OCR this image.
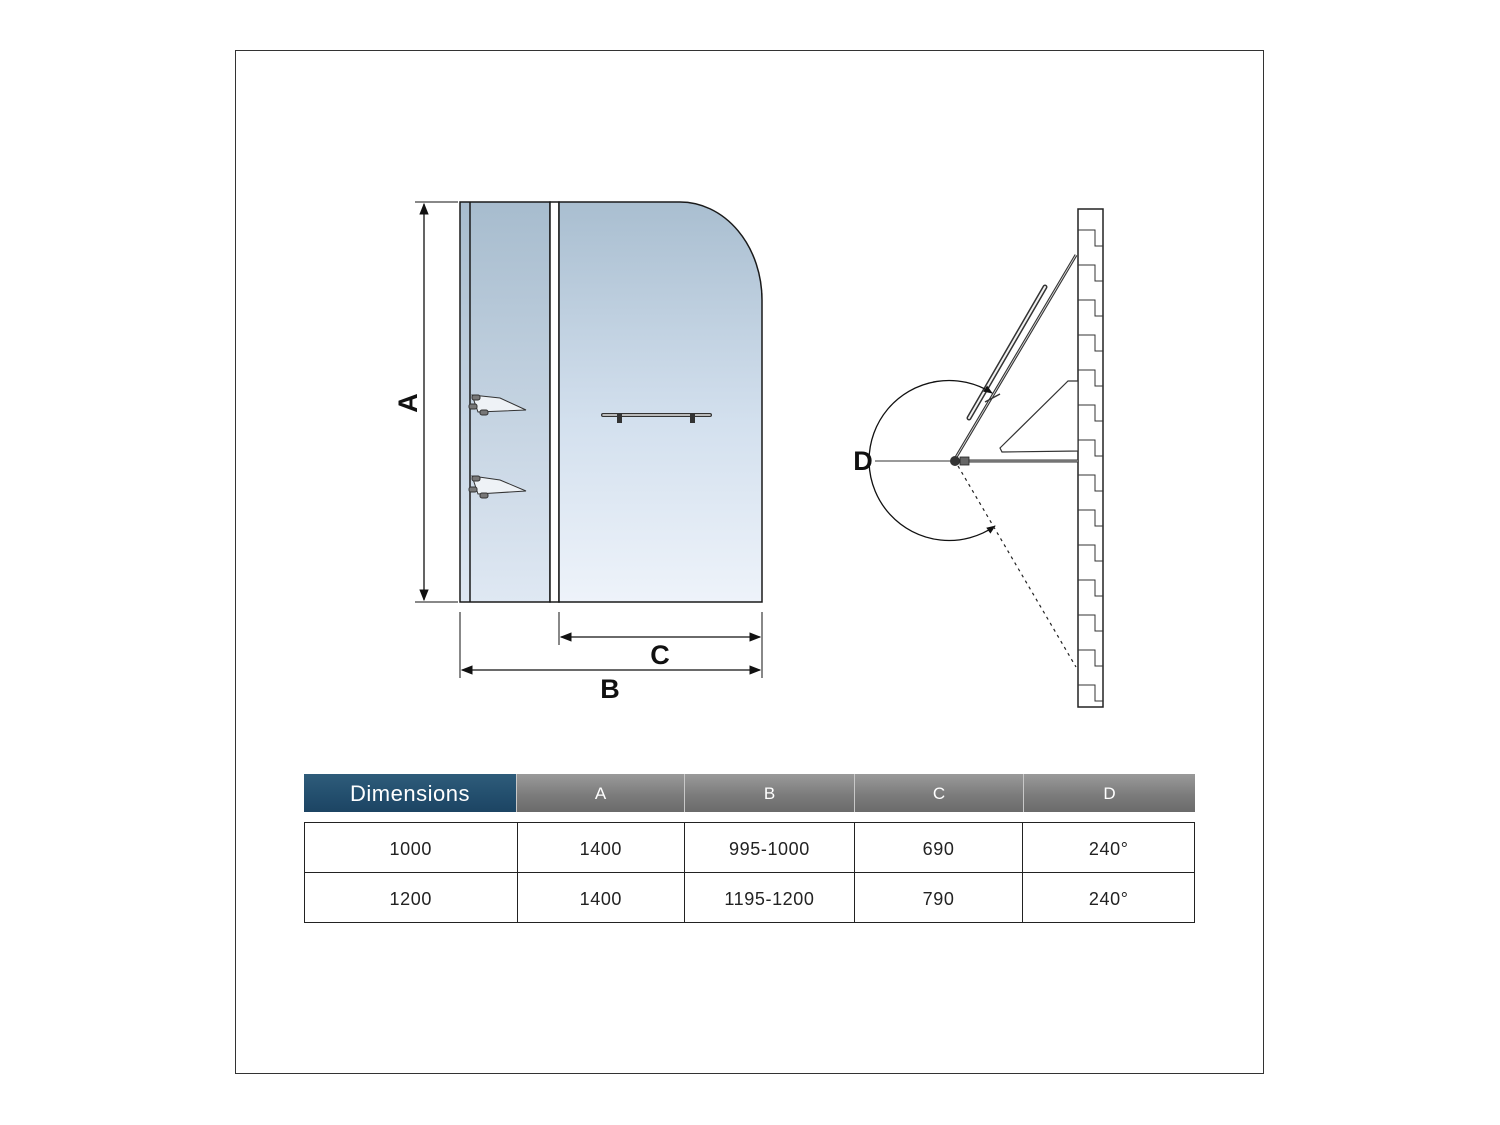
A
C
B
D
Dimensions	A	B	C	D
1000	1400	995-1000	690	240°
1200	1400	1195-1200	790	240°
